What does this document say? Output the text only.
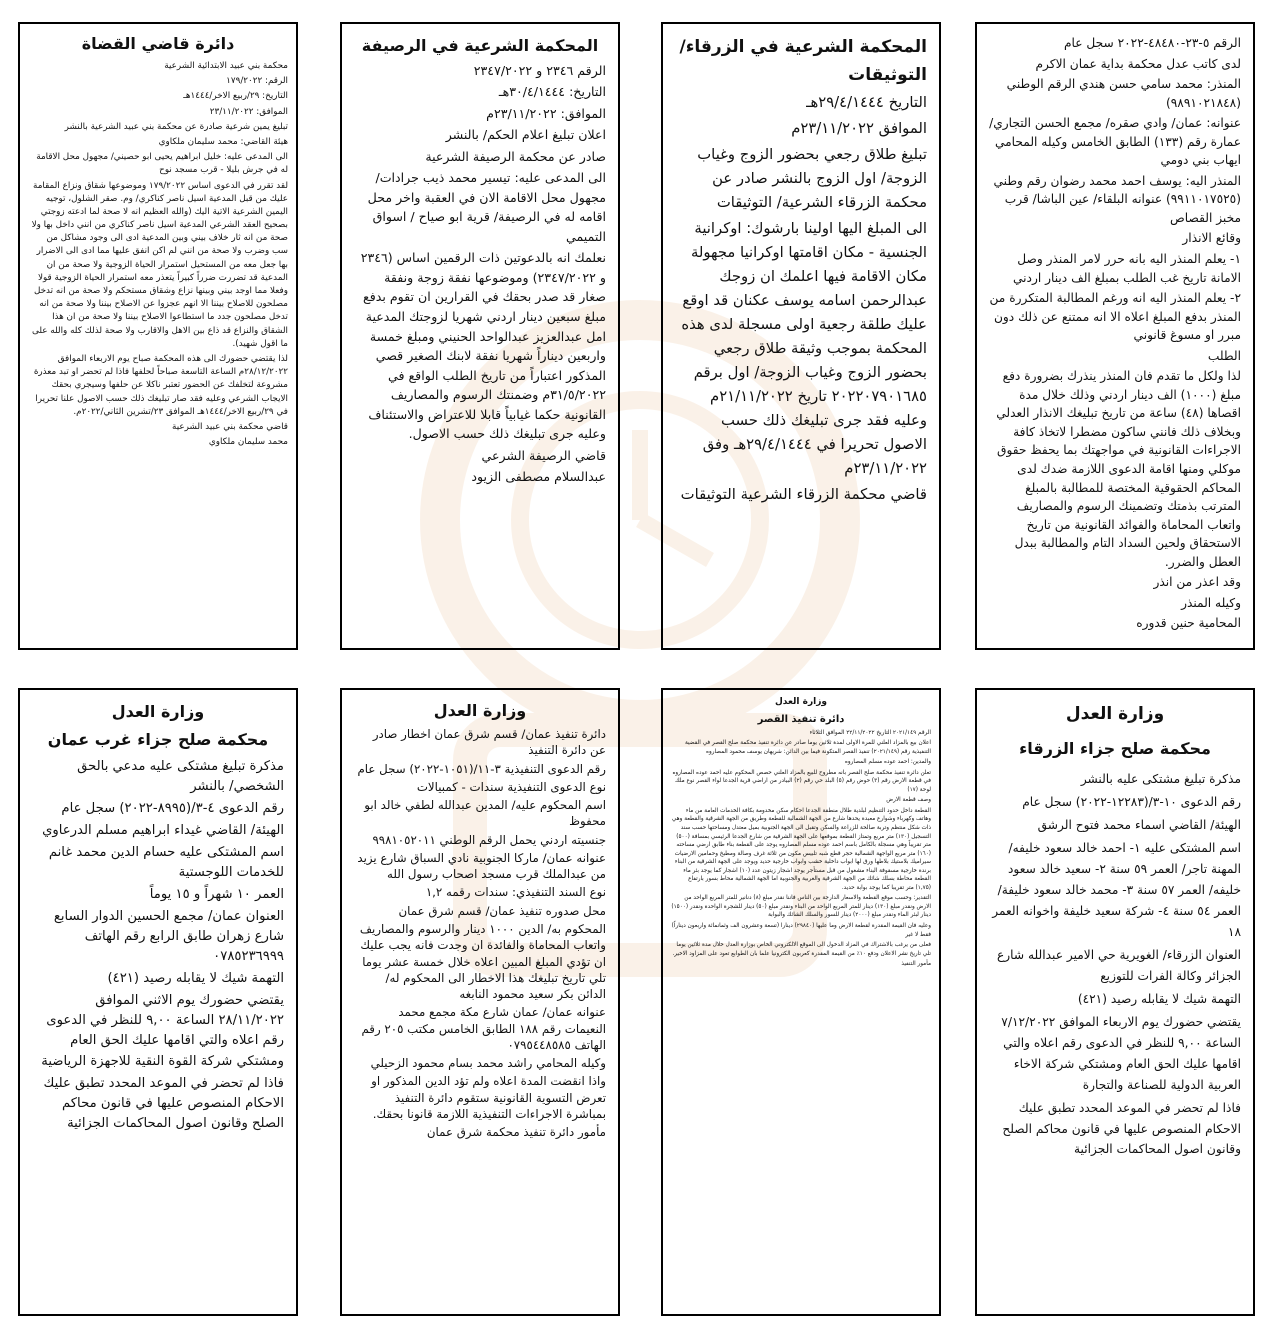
الرقم ٥-٢٣-٤٨٤٨٠-٢٠٢٢ سجل عام

لدى كاتب عدل محكمة بداية عمان الاكرم

المنذر: محمد سامي حسن هندي الرقم الوطني (٩٨٩١٠٢١٨٤٨)

عنوانه: عمان/ وادي صقره/ مجمع الحسن التجاري/ عمارة رقم (١٣٣) الطابق الخامس وكيله المحامي ايهاب بني دومي

المنذر اليه: يوسف احمد محمد رضوان رقم وطني (٩٩١١٠١٧٥٢٥) عنوانه البلقاء/ عين الباشا/ قرب مخبز القصاص

وقائع الانذار

١- يعلم المنذر اليه بانه حرر لامر المنذر وصل الامانة تاريخ غب الطلب بمبلغ الف دينار اردني

٢- يعلم المنذر اليه انه ورغم المطالبة المتكررة من المنذر بدفع المبلغ اعلاه الا انه ممتنع عن ذلك دون مبرر او مسوغ قانوني

الطلب

لذا ولكل ما تقدم فان المنذر ينذرك بضرورة دفع مبلغ (١٠٠٠) الف دينار اردني وذلك خلال مدة اقصاها (٤٨) ساعة من تاريخ تبليغك الانذار العدلي وبخلاف ذلك فانني ساكون مضطرا لاتخاذ كافة الاجراءات القانونية في مواجهتك بما يحفظ حقوق موكلي ومنها اقامة الدعوى اللازمة ضدك لدى المحاكم الحقوقية المختصة للمطالبة بالمبلغ المترتب بذمتك وتضمينك الرسوم والمصاريف واتعاب المحاماة والفوائد القانونية من تاريخ الاستحقاق ولحين السداد التام والمطالبة ببدل العطل والضرر.

وقد اعذر من انذر

وكيله المنذر

المحامية حنين قدوره

المحكمة الشرعية في الزرقاء/ التوثيقات

التاريخ ٢٩/٤/١٤٤٤هـ

الموافق ٢٣/١١/٢٠٢٢م

تبليغ طلاق رجعي بحضور الزوج وغياب الزوجة/ اول الزوج بالنشر صادر عن محكمة الزرقاء الشرعية/ التوثيقات

الى المبلغ اليها اولينا بارشوك: اوكرانية الجنسية - مكان اقامتها اوكرانيا مجهولة مكان الاقامة فيها اعلمك ان زوجك عبدالرحمن اسامه يوسف عكنان قد اوقع عليك طلقة رجعية اولى مسجلة لدى هذه المحكمة بموجب وثيقة طلاق رجعي بحضور الزوج وغياب الزوجة/ اول برقم ٢٠٢٢٠٧٩٠١٦٨٥ تاريخ ٢١/١١/٢٠٢٢م وعليه فقد جرى تبليغك ذلك حسب الاصول تحريرا في ٢٩/٤/١٤٤٤هـ وفق ٢٣/١١/٢٠٢٢م

قاضي محكمة الزرقاء الشرعية التوثيقات

المحكمة الشرعية في الرصيفة

الرقم ٢٣٤٦ و ٢٣٤٧/٢٠٢٢

التاريخ: ٣٠/٤/١٤٤٤هـ

الموافق: ٢٣/١١/٢٠٢٢م

اعلان تبليغ اعلام الحكم/ بالنشر

صادر عن محكمة الرصيفة الشرعية

الى المدعى عليه: تيسير محمد ذيب جرادات/ مجهول محل الاقامة الان في العقبة واخر محل اقامه له في الرصيفة/ قرية ابو صياح / اسواق التميمي

نعلمك انه بالدعوتين ذات الرقمين اساس (٢٣٤٦ و ٢٣٤٧/٢٠٢٢) وموضوعها نفقة زوجة ونفقة صغار قد صدر بحقك في القرارين ان تقوم بدفع مبلغ سبعين دينار اردني شهريا لزوجتك المدعية امل عبدالعزيز عبدالواحد الحنيني ومبلغ خمسة واربعين ديناراً شهريا نفقة لابنك الصغير قصي المذكور اعتباراً من تاريخ الطلب الواقع في ٣١/٥/٢٠٢٢م وضمنتك الرسوم والمصاريف القانونية حكما غيابياً قابلا للاعتراض والاستئناف وعليه جرى تبليغك ذلك حسب الاصول.

قاضي الرصيفة الشرعي

عبدالسلام مصطفى الزيود

دائرة قاضي القضاة

محكمة بني عبيد الابتدائية الشرعية

الرقم: ١٧٩/٢٠٢٢

التاريخ: ٢٩/ربيع الاخر/١٤٤٤هـ

الموافق: ٢٣/١١/٢٠٢٢

تبليغ يمين شرعية صادرة عن محكمة بني عبيد الشرعية بالنشر

هيئة القاضي: محمد سليمان ملكاوي

الى المدعى عليه: خليل ابراهيم يحيى ابو حصيني/ مجهول محل الاقامة له في جرش بليلا - قرب مسجد نوح

لقد تقرر في الدعوى اساس ١٧٩/٢٠٢٢ وموضوعها شقاق ونزاع المقامة عليك من قبل المدعية اسيل ناصر كناكري/ وم. صقر الشلول، توجيه اليمين الشرعية الاتية اليك (والله العظيم انه لا صحة لما ادعته زوجتي بصحيح العقد الشرعي المدعية اسيل ناصر كناكري من انني داخل بها ولا صحة من انه ثار خلاف بيني وبين المدعية ادى الى وجود مشاكل من سب وضرب ولا صحة من انني لم اكن انفق عليها مما ادى الى الاضرار بها جعل معه من المستحيل استمرار الحياة الزوجية ولا صحة من ان المدعية قد تضررت ضرراً كبيراً يتعذر معه استمرار الحياة الزوجية قولا وفعلا مما اوجد بيني وبينها نزاع وشقاق مستحكم ولا صحة من انه تدخل مصلحون للاصلاح بيننا الا انهم عجزوا عن الاصلاح بيننا ولا صحة من انه تدخل مصلحون جدد ما استطاعوا الاصلاح بيننا ولا صحة من ان هذا الشقاق والنزاع قد ذاع بين الاهل والاقارب ولا صحة لذلك كله والله على ما اقول شهيد).

لذا يقتضي حضورك الى هذه المحكمة صباح يوم الاربعاء الموافق ٢٨/١٢/٢٠٢٢م الساعة التاسعة صباحاً لحلفها فاذا لم تحضر او تبد معذرة مشروعة لتخلفك عن الحضور تعتبر ناكلا عن حلفها وسيجري بحقك الايجاب الشرعي وعليه فقد صار تبليغك ذلك حسب الاصول علنا تحريرا في ٢٩/ربيع الاخر/١٤٤٤هـ الموافق ٢٣/تشرين الثاني/٢٠٢٢م.

قاضي محكمة بني عبيد الشرعية

محمد سليمان ملكاوي

وزارة العدل

محكمة صلح جزاء الزرقاء

مذكرة تبليغ مشتكى عليه بالنشر

رقم الدعوى ١٠-٣/(١٢٢٨٣-٢٠٢٢) سجل عام

الهيئة/ القاضي اسماء محمد فتوح الرشق

اسم المشتكى عليه ١- احمد خالد سعود خليفه/ المهنة تاجر/ العمر ٥٩ سنة ٢- سعيد خالد سعود خليفه/ العمر ٥٧ سنة ٣- محمد خالد سعود خليفة/ العمر ٥٤ سنة ٤- شركة سعيد خليفة واخوانه العمر ١٨

العنوان الزرقاء/ الغويرية حي الامير عبدالله شارع الجزائر وكالة الفرات للتوزيع

التهمة شيك لا يقابله رصيد (٤٢١)

يقتضي حضورك يوم الاربعاء الموافق ٧/١٢/٢٠٢٢ الساعة ٩,٠٠ للنظر في الدعوى رقم اعلاه والتي اقامها عليك الحق العام ومشتكي شركة الاخاء العربية الدولية للصناعة والتجارة

فاذا لم تحضر في الموعد المحدد تطبق عليك الاحكام المنصوص عليها في قانون محاكم الصلح وقانون اصول المحاكمات الجزائية

وزارة العدل

دائرة تنفيذ القصر

الرقم ٢٠٢١/١٤٩ التاريخ ٢٢/١١/٢٠٢٢ الموافق الثلاثاء

اعلان بيع بالمزاد العلني للمرة الاولى لمدة ثلاثين يوما صادر عن دائرة تنفيذ محكمة صلح القصر في القضية التنفيذية رقم (٢٠٢١/١٤٩) تنفيذ القصر المتكونة فيما بين الدائن: شريهان يوسف محمود المصاروه

والمدين: احمد عوده مسلم المصاروه

تعلن دائرة تنفيذ محكمة صلح القصر بانه مطروح للبيع بالمزاد العلني حصص المحكوم عليه احمد عوده المصاروه في قطعة الارض رقم (٣) حوض رقم (٥) البلد حي رقم (٢) البيادر من اراضي قرية الجدعا لواء القصر نوع ملك لوحة (١٧)

وصف قطعة الارض

القطعة داخل حدود التنظيم لبلدية طلال منطقة الجدعا احكام سكن مخدومة بكافة الخدمات العامة من ماء وهاتف وكهرباء وشوارع معبدة يحدها شارع من الجهة الشمالية للقطعة وطريق من الجهة الشرقية والقطعة وهي ذات شكل منتظم وتربة صالحة للزراعة والسكن وتقبل الى الجهة الجنوبية بميل معتدل ومساحتها حسب سند التسجيل (١٣٠) متر مربع وتمتاز القطعة بموقعها على الجهة الشرقية من شارع الجدعا الرئيسي بمسافة (٥٠٠) متر تقريباً وهي مسجلة بالكامل باسم احمد عوده مسلم المصاروه يوجد على القطعة بناء طابق ارضي مساحته (١٦٠) متر مربع الواجهة الشمالية حجر قطع شبه تلبيس مكون من ثلاثة غرف وصالة ومطبخ وحمامين الارضيات سيراميك بلاستيك بلاطها ورق لها ابواب داخلية خشب وابواب خارجية حديد ويوجد على الجهة الشرقية من البناء برندة خارجية مسقوفة البناء مشغول من قبل مستأجر يوجد اشجار زيتون عدد (١٠) اشجار كما يوجد بئر ماء القطعة محاطة بسلك شائك من الجهة الشرقية والغربية والجنوبية اما الجهة الشمالية محاط بسور بارتفاع (١,٧٥) متر تقريبا كما يوجد بوابة حديد.

التقدير: وحسب موقع القطعة والاسعار الدارجة بين الناس فاننا نقدر مبلغ (٨) دنانير للمتر المربع الواحد من الارض ونقدر مبلغ (١٣٠) دينار للمتر المربع الواحد من البناء ونقدر مبلغ (٥٠) دينار للشجرة الواحدة ونقدر (١٥٠٠) دينار لبئر الماء ونقدر مبلغ (٢٠٠٠) دينار للسور والسلك الشائك والبوابة

وعليه فان القيمة المقدرة لقطعة الارض وما عليها (٢٩٨٤٠) دينارا (تسعة وعشرون الف وثمانمائة واربعون ديناراً) فقط لا غير

فعلى من يرغب بالاشتراك في المزاد الدخول الى الموقع الالكتروني الخاص بوزارة العدل خلال مدة ثلاثين يوما تلي تاريخ نشر الاعلان ودفع ١٠٪ من القيمة المقدرة كعربون الكترونيا علما بان الطوابع تعود على المزاود الاخير.

مأمور التنفيذ

وزارة العدل

دائرة تنفيذ عمان/ قسم شرق عمان اخطار صادر عن دائرة التنفيذ

رقم الدعوى التنفيذية ٣-١١/(١٠٥١-٢٠٢٢) سجل عام

نوع الدعوى التنفيذية سندات - كمبيالات

اسم المحكوم عليه/ المدين عبدالله لطفي خالد ابو محفوظ

جنسيته اردني يحمل الرقم الوطني ٩٩٨١٠٥٢٠١١

عنوانه عمان/ ماركا الجنوبية نادي السباق شارع يزيد من عبدالملك قرب مسجد اصحاب رسول الله

نوع السند التنفيذي: سندات رقمه ١,٢

محل صدوره تنفيذ عمان/ قسم شرق عمان

المحكوم به/ الدين ١٠٠٠ دينار والرسوم والمصاريف واتعاب المحاماة والفائدة ان وجدت فانه يجب عليك ان تؤدي المبلغ المبين اعلاه خلال خمسة عشر يوما تلي تاريخ تبليغك هذا الاخطار الى المحكوم له/ الدائن بكر سعيد محمود النابغه

عنوانه عمان/ عمان شارع مكة مجمع محمد النعيمات رقم ١٨٨ الطابق الخامس مكتب ٢٠٥ رقم الهاتف ٠٧٩٥٤٤٨٥٨٥

وكيله المحامي راشد محمد بسام محمود الزحيلي

واذا انقضت المدة اعلاه ولم تؤد الدين المذكور او تعرض التسوية القانونية ستقوم دائرة التنفيذ بمباشرة الاجراءات التنفيذية اللازمة قانونا بحقك.

مأمور دائرة تنفيذ محكمة شرق عمان

وزارة العدل

محكمة صلح جزاء غرب عمان

مذكرة تبليغ مشتكى عليه مدعي بالحق الشخصي/ بالنشر

رقم الدعوى ٤-٣/(٨٩٩٥-٢٠٢٢) سجل عام

الهيئة/ القاضي غيداء ابراهيم مسلم الدرعاوي

اسم المشتكى عليه حسام الدين محمد غانم للخدمات اللوجستية

العمر ١٠ شهراً و ١٥ يوماً

العنوان عمان/ مجمع الحسين الدوار السابع شارع زهران طابق الرابع رقم الهاتف ٠٧٨٥٢٣٦٩٩٩

التهمة شيك لا يقابله رصيد (٤٢١)

يقتضي حضورك يوم الاثني الموافق ٢٨/١١/٢٠٢٢ الساعة ٩,٠٠ للنظر في الدعوى رقم اعلاه والتي اقامها عليك الحق العام ومشتكي شركة القوة النقية للاجهزة الرياضية

فاذا لم تحضر في الموعد المحدد تطبق عليك الاحكام المنصوص عليها في قانون محاكم الصلح وقانون اصول المحاكمات الجزائية
